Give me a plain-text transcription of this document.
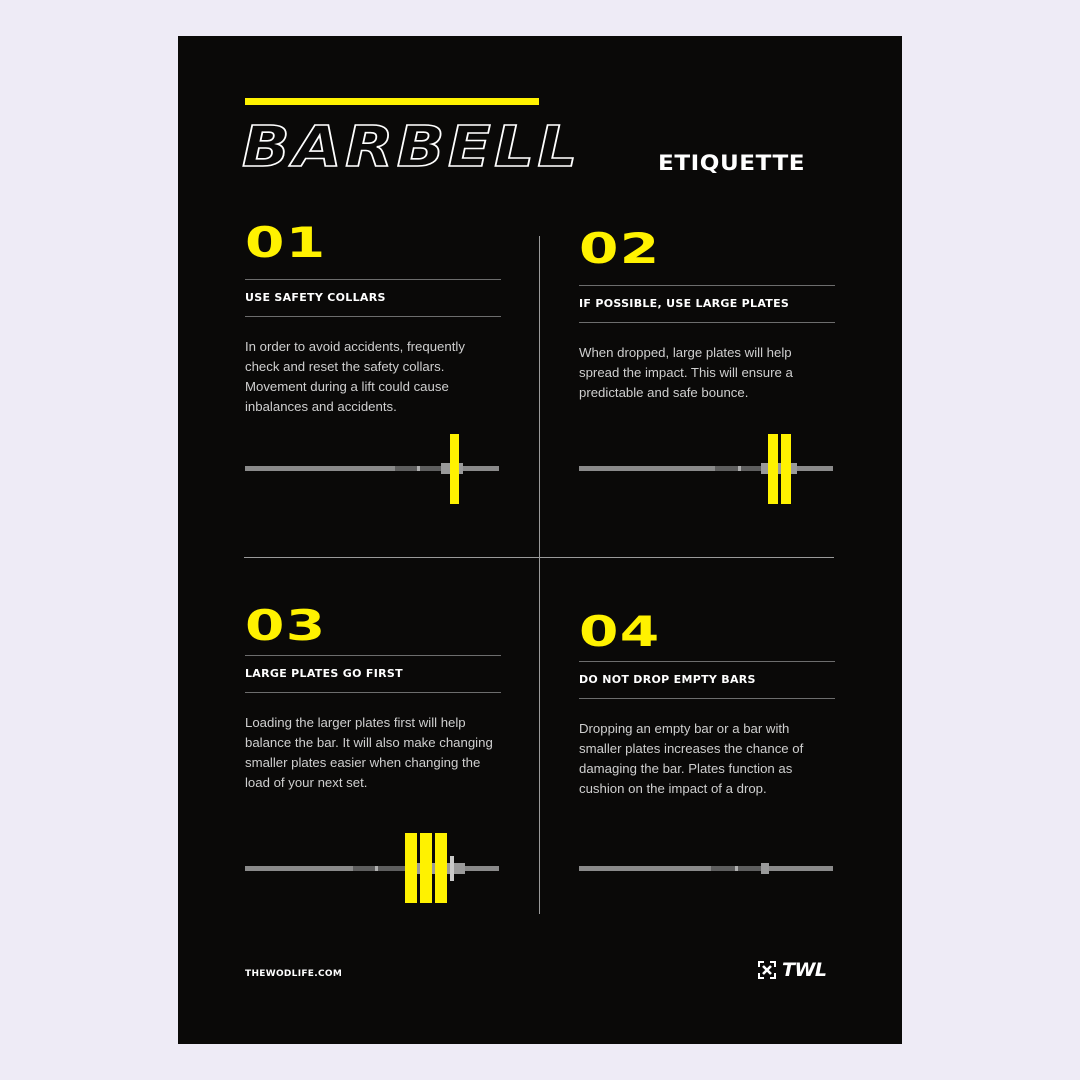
BARBELL	ETIQUETTE
01
USE SAFETY COLLARS
In order to avoid accidents, frequently check and reset the safety collars. Movement during a lift could cause inbalances and accidents.
02
IF POSSIBLE, USE LARGE PLATES
When dropped, large plates will help spread the impact. This will ensure a predictable and safe bounce.
03
LARGE PLATES GO FIRST
Loading the larger plates first will help balance the bar. It will also make changing smaller plates easier when changing the load of your next set.
04
DO NOT DROP EMPTY BARS
Dropping an empty bar or a bar with smaller plates increases the chance of damaging the bar. Plates function as cushion on the impact of a drop.
THEWODLIFE.COM	TWL
